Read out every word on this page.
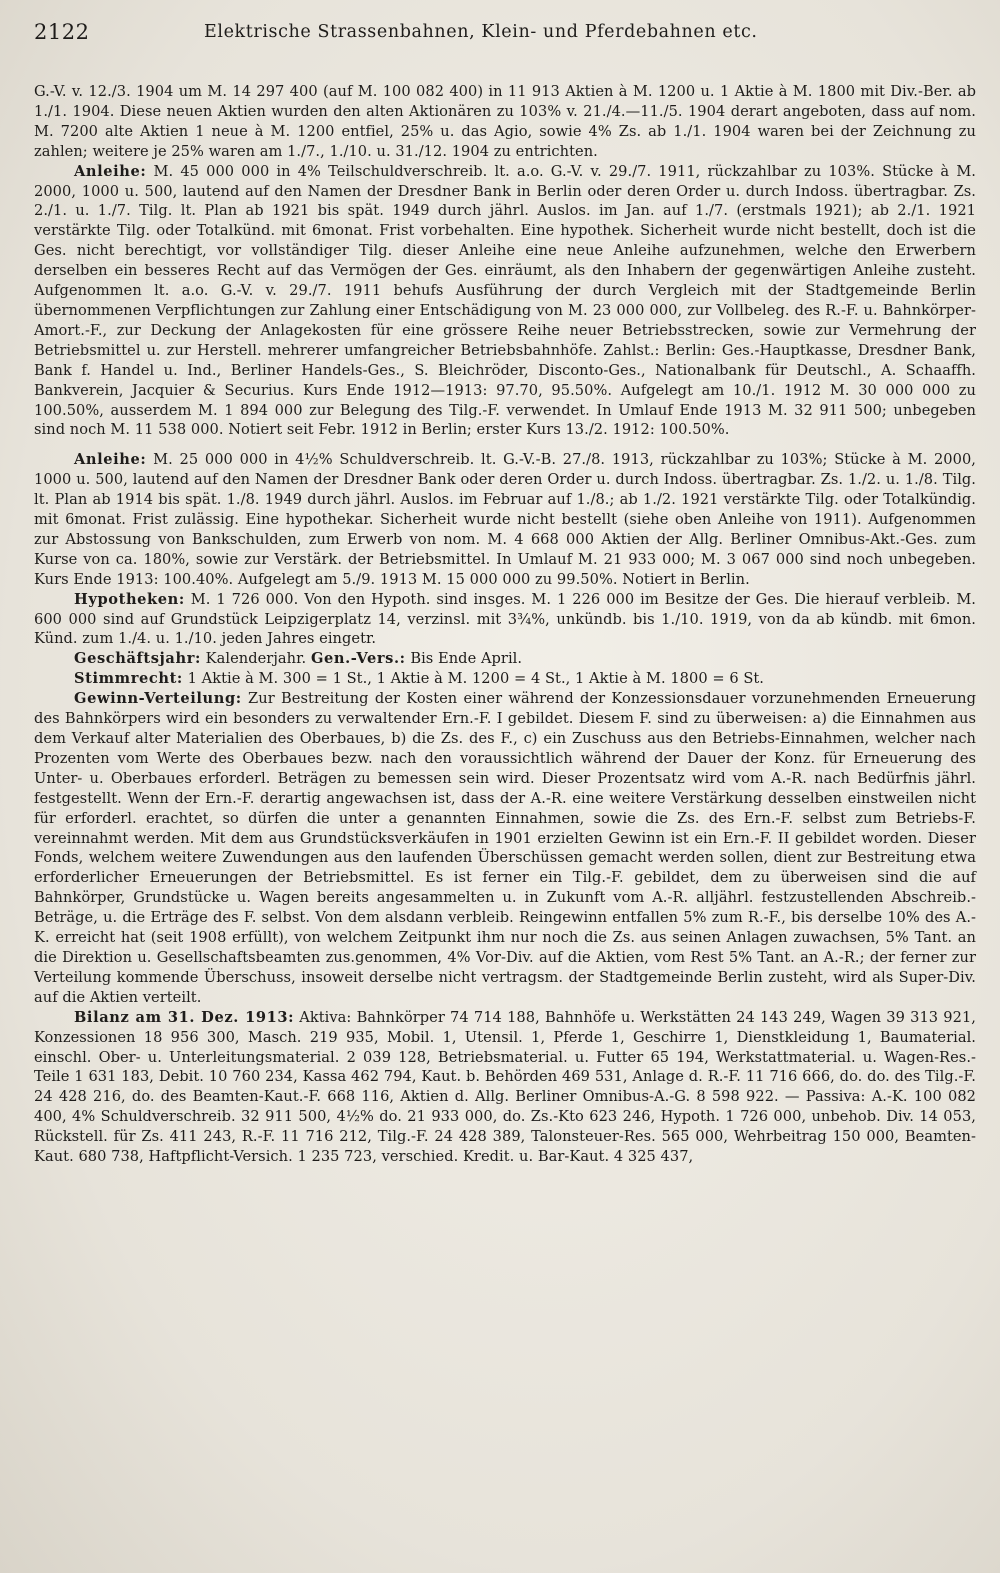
2122	Elektrische Strassenbahnen, Klein- und Pferdebahnen etc.

G.-V. v. 12./3. 1904 um M. 14 297 400 (auf M. 100 082 400) in 11 913 Aktien à M. 1200 u. 1 Aktie à M. 1800 mit Div.-Ber. ab 1./1. 1904. Diese neuen Aktien wurden den alten Aktionären zu 103% v. 21./4.—11./5. 1904 derart angeboten, dass auf nom. M. 7200 alte Aktien 1 neue à M. 1200 entfiel, 25% u. das Agio, sowie 4% Zs. ab 1./1. 1904 waren bei der Zeichnung zu zahlen; weitere je 25% waren am 1./7., 1./10. u. 31./12. 1904 zu entrichten.

Anleihe: M. 45 000 000 in 4% Teilschuldverschreib. lt. a.o. G.-V. v. 29./7. 1911, rückzahlbar zu 103%. Stücke à M. 2000, 1000 u. 500, lautend auf den Namen der Dresdner Bank in Berlin oder deren Order u. durch Indoss. übertragbar. Zs. 2./1. u. 1./7. Tilg. lt. Plan ab 1921 bis spät. 1949 durch jährl. Auslos. im Jan. auf 1./7. (erstmals 1921); ab 2./1. 1921 verstärkte Tilg. oder Totalkünd. mit 6monat. Frist vorbehalten. Eine hypothek. Sicherheit wurde nicht bestellt, doch ist die Ges. nicht berechtigt, vor vollständiger Tilg. dieser Anleihe eine neue Anleihe aufzunehmen, welche den Erwerbern derselben ein besseres Recht auf das Vermögen der Ges. einräumt, als den Inhabern der gegenwärtigen Anleihe zusteht. Aufgenommen lt. a.o. G.-V. v. 29./7. 1911 behufs Ausführung der durch Vergleich mit der Stadtgemeinde Berlin übernommenen Verpflichtungen zur Zahlung einer Entschädigung von M. 23 000 000, zur Vollbeleg. des R.-F. u. Bahnkörper-Amort.-F., zur Deckung der Anlagekosten für eine grössere Reihe neuer Betriebsstrecken, sowie zur Vermehrung der Betriebsmittel u. zur Herstell. mehrerer umfangreicher Betriebsbahnhöfe. Zahlst.: Berlin: Ges.-Hauptkasse, Dresdner Bank, Bank f. Handel u. Ind., Berliner Handels-Ges., S. Bleichröder, Disconto-Ges., Nationalbank für Deutschl., A. Schaaffh. Bankverein, Jacquier & Securius. Kurs Ende 1912—1913: 97.70, 95.50%. Aufgelegt am 10./1. 1912 M. 30 000 000 zu 100.50%, ausserdem M. 1 894 000 zur Belegung des Tilg.-F. verwendet. In Umlauf Ende 1913 M. 32 911 500; unbegeben sind noch M. 11 538 000. Notiert seit Febr. 1912 in Berlin; erster Kurs 13./2. 1912: 100.50%.

Anleihe: M. 25 000 000 in 4½% Schuldverschreib. lt. G.-V.-B. 27./8. 1913, rückzahlbar zu 103%; Stücke à M. 2000, 1000 u. 500, lautend auf den Namen der Dresdner Bank oder deren Order u. durch Indoss. übertragbar. Zs. 1./2. u. 1./8. Tilg. lt. Plan ab 1914 bis spät. 1./8. 1949 durch jährl. Auslos. im Februar auf 1./8.; ab 1./2. 1921 verstärkte Tilg. oder Totalkündig. mit 6monat. Frist zulässig. Eine hypothekar. Sicherheit wurde nicht bestellt (siehe oben Anleihe von 1911). Aufgenommen zur Abstossung von Bankschulden, zum Erwerb von nom. M. 4 668 000 Aktien der Allg. Berliner Omnibus-Akt.-Ges. zum Kurse von ca. 180%, sowie zur Verstärk. der Betriebsmittel. In Umlauf M. 21 933 000; M. 3 067 000 sind noch unbegeben. Kurs Ende 1913: 100.40%. Aufgelegt am 5./9. 1913 M. 15 000 000 zu 99.50%. Notiert in Berlin.

Hypotheken: M. 1 726 000. Von den Hypoth. sind insges. M. 1 226 000 im Besitze der Ges. Die hierauf verbleib. M. 600 000 sind auf Grundstück Leipzigerplatz 14, verzinsl. mit 3¾%, unkündb. bis 1./10. 1919, von da ab kündb. mit 6mon. Künd. zum 1./4. u. 1./10. jeden Jahres eingetr.

Geschäftsjahr: Kalenderjahr. Gen.-Vers.: Bis Ende April.

Stimmrecht: 1 Aktie à M. 300 = 1 St., 1 Aktie à M. 1200 = 4 St., 1 Aktie à M. 1800 = 6 St.

Gewinn-Verteilung: Zur Bestreitung der Kosten einer während der Konzessionsdauer vorzunehmenden Erneuerung des Bahnkörpers wird ein besonders zu verwaltender Ern.-F. I gebildet. Diesem F. sind zu überweisen: a) die Einnahmen aus dem Verkauf alter Materialien des Oberbaues, b) die Zs. des F., c) ein Zuschuss aus den Betriebs-Einnahmen, welcher nach Prozenten vom Werte des Oberbaues bezw. nach den voraussichtlich während der Dauer der Konz. für Erneuerung des Unter- u. Oberbaues erforderl. Beträgen zu bemessen sein wird. Dieser Prozentsatz wird vom A.-R. nach Bedürfnis jährl. festgestellt. Wenn der Ern.-F. derartig angewachsen ist, dass der A.-R. eine weitere Verstärkung desselben einstweilen nicht für erforderl. erachtet, so dürfen die unter a genannten Einnahmen, sowie die Zs. des Ern.-F. selbst zum Betriebs-F. vereinnahmt werden. Mit dem aus Grundstücksverkäufen in 1901 erzielten Gewinn ist ein Ern.-F. II gebildet worden. Dieser Fonds, welchem weitere Zuwendungen aus den laufenden Überschüssen gemacht werden sollen, dient zur Bestreitung etwa erforderlicher Erneuerungen der Betriebsmittel. Es ist ferner ein Tilg.-F. gebildet, dem zu überweisen sind die auf Bahnkörper, Grundstücke u. Wagen bereits angesammelten u. in Zukunft vom A.-R. alljährl. festzustellenden Abschreib.-Beträge, u. die Erträge des F. selbst. Von dem alsdann verbleib. Reingewinn entfallen 5% zum R.-F., bis derselbe 10% des A.-K. erreicht hat (seit 1908 erfüllt), von welchem Zeitpunkt ihm nur noch die Zs. aus seinen Anlagen zuwachsen, 5% Tant. an die Direktion u. Gesellschaftsbeamten zus.genommen, 4% Vor-Div. auf die Aktien, vom Rest 5% Tant. an A.-R.; der ferner zur Verteilung kommende Überschuss, insoweit derselbe nicht vertragsm. der Stadtgemeinde Berlin zusteht, wird als Super-Div. auf die Aktien verteilt.

Bilanz am 31. Dez. 1913: Aktiva: Bahnkörper 74 714 188, Bahnhöfe u. Werkstätten 24 143 249, Wagen 39 313 921, Konzessionen 18 956 300, Masch. 219 935, Mobil. 1, Utensil. 1, Pferde 1, Geschirre 1, Dienstkleidung 1, Baumaterial. einschl. Ober- u. Unterleitungsmaterial. 2 039 128, Betriebsmaterial. u. Futter 65 194, Werkstattmaterial. u. Wagen-Res.-Teile 1 631 183, Debit. 10 760 234, Kassa 462 794, Kaut. b. Behörden 469 531, Anlage d. R.-F. 11 716 666, do. do. des Tilg.-F. 24 428 216, do. des Beamten-Kaut.-F. 668 116, Aktien d. Allg. Berliner Omnibus-A.-G. 8 598 922. — Passiva: A.-K. 100 082 400, 4% Schuldverschreib. 32 911 500, 4½% do. 21 933 000, do. Zs.-Kto 623 246, Hypoth. 1 726 000, unbehob. Div. 14 053, Rückstell. für Zs. 411 243, R.-F. 11 716 212, Tilg.-F. 24 428 389, Talonsteuer-Res. 565 000, Wehrbeitrag 150 000, Beamten-Kaut. 680 738, Haftpflicht-Versich. 1 235 723, verschied. Kredit. u. Bar-Kaut. 4 325 437,
